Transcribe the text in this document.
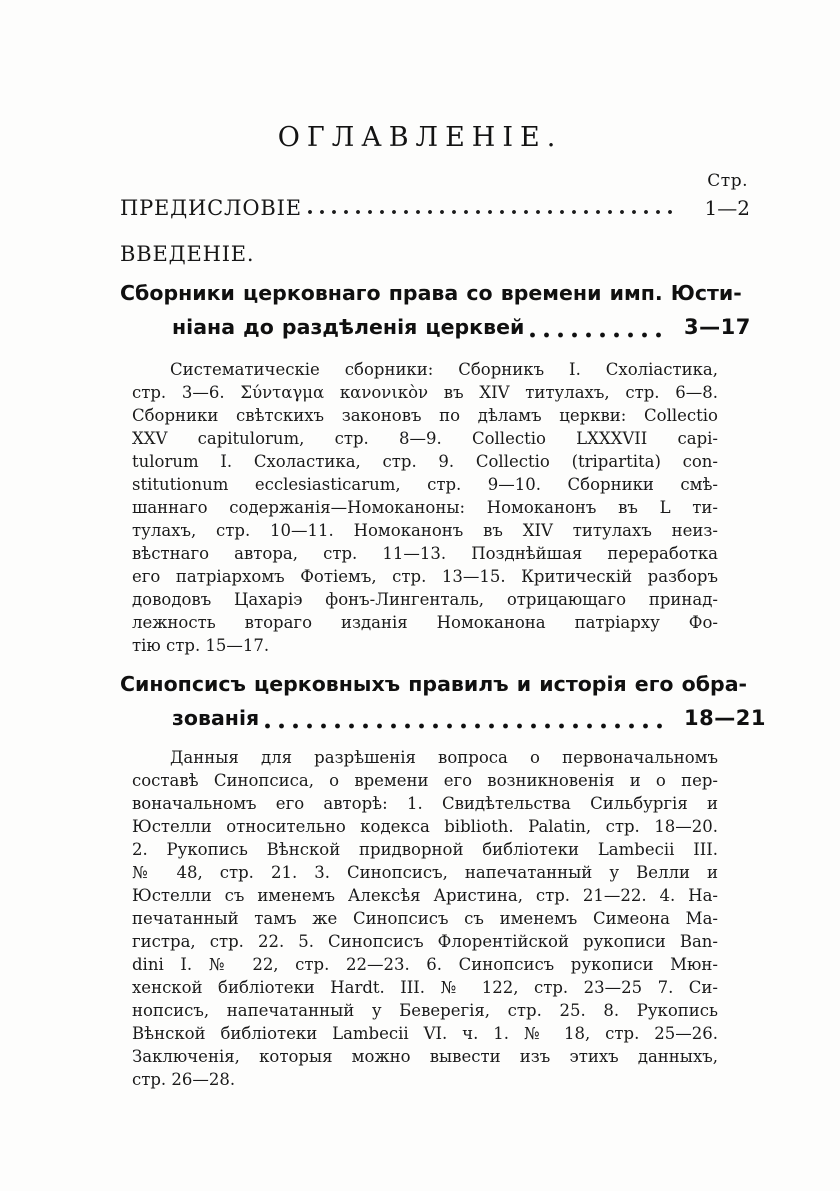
ОГЛАВЛЕНІЕ.
Стр.
ПРЕДИСЛОВІЕ	1—2
ВВЕДЕНІЕ.
Сборники церковнаго права со времени имп. Юсти-
ніана до раздѣленія церквей	3—17
Систематическіе сборники: Сборникъ I. Схоліастика,
стр. 3—6. Σύνταγμα κανονικὸν въ XIV титулахъ, стр. 6—8.
Сборники свѣтскихъ законовъ по дѣламъ церкви: Collectio
XXV capitulorum, стр. 8—9. Collectio LXXXVII capi-
tulorum I. Схоластика, стр. 9. Collectio (tripartita) con-
stitutionum ecclesiasticarum, стр. 9—10. Сборники смѣ-
шаннаго содержанія—Номоканоны: Номоканонъ въ L ти-
тулахъ, стр. 10—11. Номоканонъ въ XIV титулахъ неиз-
вѣстнаго автора, стр. 11—13. Позднѣйшая переработка
его патріархомъ Фотіемъ, стр. 13—15. Критическій разборъ
доводовъ Цахаріэ фонъ-Лингенталь, отрицающаго принад-
лежность втораго изданія Номоканона патріарху Фо-
тію стр. 15—17.
Синопсисъ церковныхъ правилъ и исторія его обра-
зованія	18—21
Данныя для разрѣшенія вопроса о первоначальномъ
составѣ Синопсиса, о времени его возникновенія и о пер-
воначальномъ его авторѣ: 1. Свидѣтельства Сильбургія и
Юстелли относительно кодекса biblioth. Palatin, стр. 18—20.
2. Рукопись Вѣнской придворной библіотеки Lambecii III.
№ 48, стр. 21. 3. Синопсисъ, напечатанный у Велли и
Юстелли съ именемъ Алексѣя Аристина, стр. 21—22. 4. На-
печатанный тамъ же Синопсисъ съ именемъ Симеона Ма-
гистра, стр. 22. 5. Синопсисъ Флорентійской рукописи Ban-
dini I. № 22, стр. 22—23. 6. Синопсисъ рукописи Мюн-
хенской библіотеки Hardt. III. № 122, стр. 23—25 7. Си-
нопсисъ, напечатанный у Беверегія, стр. 25. 8. Рукопись
Вѣнской библіотеки Lambecii VI. ч. 1. № 18, стр. 25—26.
Заключенія, которыя можно вывести изъ этихъ данныхъ,
стр. 26—28.
